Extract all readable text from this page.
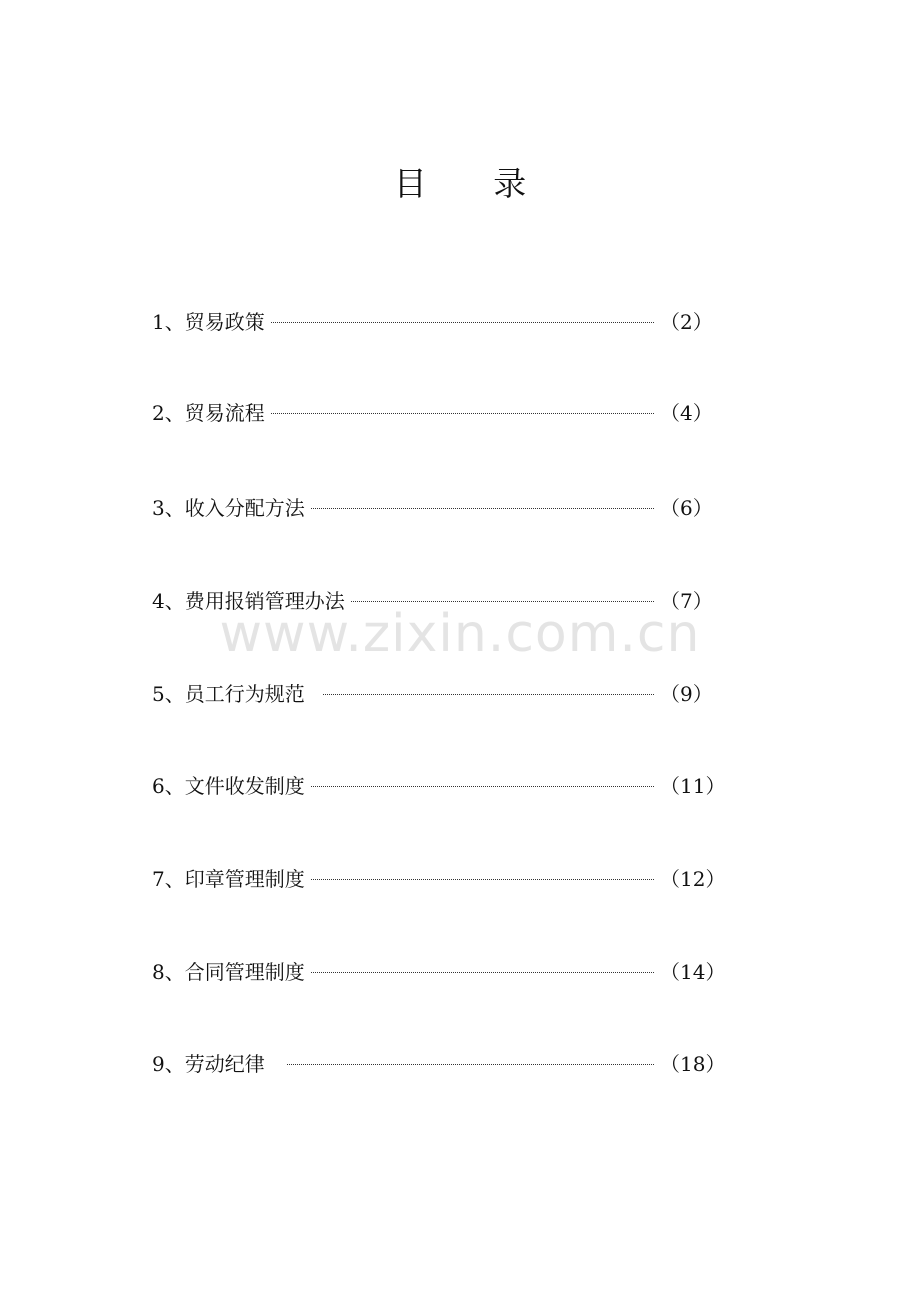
目 录
1、贸易政策	（2）
2、贸易流程	（4）
3、收入分配方法	（6）
4、费用报销管理办法	（7）
5、员工行为规范	（9）
6、文件收发制度	（11）
7、印章管理制度	（12）
8、合同管理制度	（14）
9、劳动纪律	（18）
www.zixin.com.cn
